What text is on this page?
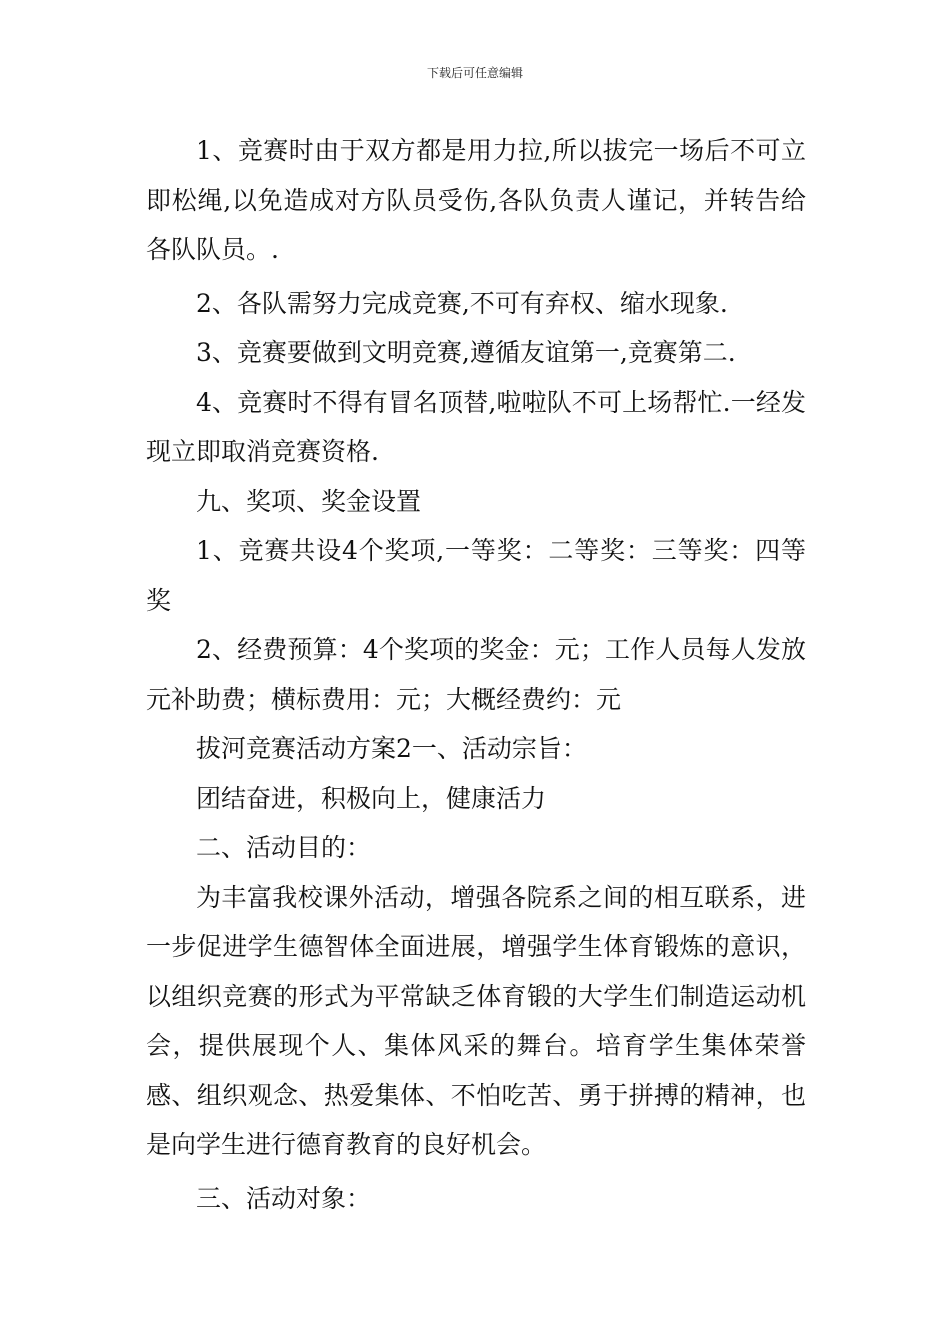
下载后可任意编辑

1、竞赛时由于双方都是用力拉,所以拔完一场后不可立即松绳,以免造成对方队员受伤,各队负责人谨记，并转告给各队队员。.

2、各队需努力完成竞赛,不可有弃权、缩水现象.

3、竞赛要做到文明竞赛,遵循友谊第一,竞赛第二.

4、竞赛时不得有冒名顶替,啦啦队不可上场帮忙.一经发现立即取消竞赛资格.

九、奖项、奖金设置

1、竞赛共设4个奖项,一等奖：二等奖：三等奖：四等奖

2、经费预算：4个奖项的奖金：元；工作人员每人发放元补助费；横标费用：元；大概经费约：元

拔河竞赛活动方案2一、活动宗旨：

团结奋进，积极向上，健康活力

二、活动目的：

为丰富我校课外活动，增强各院系之间的相互联系，进一步促进学生德智体全面进展，增强学生体育锻炼的意识，以组织竞赛的形式为平常缺乏体育锻的大学生们制造运动机会，提供展现个人、集体风采的舞台。培育学生集体荣誉感、组织观念、热爱集体、不怕吃苦、勇于拼搏的精神，也是向学生进行德育教育的良好机会。

三、活动对象：
